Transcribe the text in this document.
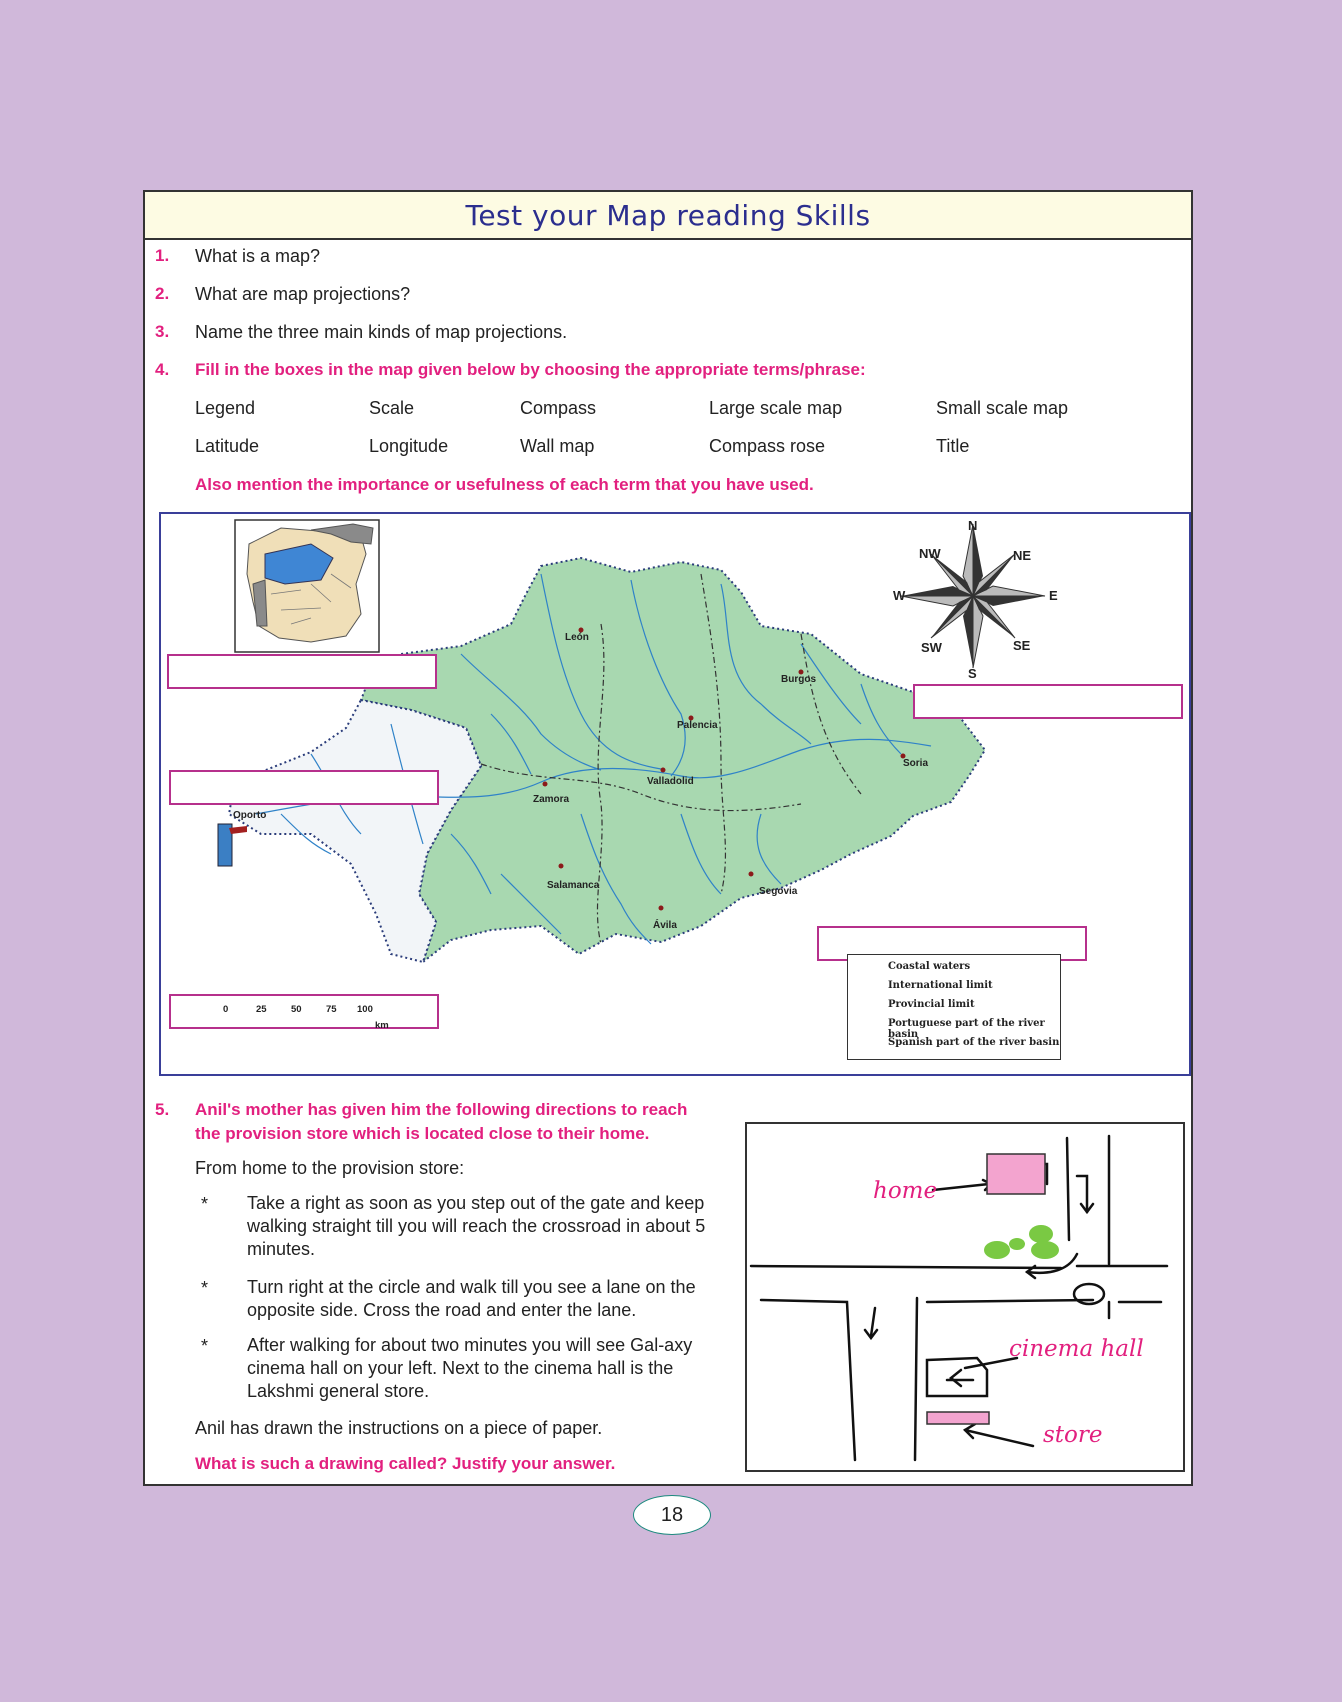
Test your Map reading Skills
1. What is a map?
2. What are map projections?
3. Name the three main kinds of map projections.
4. Fill in the boxes in the map given below by choosing the appropriate terms/phrase:
Legend	Scale	Compass	Large scale map	Small scale map
Latitude	Longitude	Wall map	Compass rose	Title
Also mention the importance or usefulness of each term that you have used.
León
Burgos
Palencia
Soria
Valladolid
Zamora
Oporto
Salamanca
Segovia
Ávila
N
NE
E
SE
S
SW
W
NW
0	25	50	75 100
km
Coastal waters
International limit
Provincial limit
Portuguese part of the river basin
Spanish part of the river basin
5. Anil's mother has given him the following directions to reach the provision store which is located close to their home.
From home to the provision store:
* Take a right as soon as you step out of the gate and keep walking straight till you will reach the crossroad in about 5 minutes.
* Turn right at the circle and walk till you see a lane on the opposite side. Cross the road and enter the lane.
* After walking for about two minutes you will see Gal-axy cinema hall on your left. Next to the cinema hall is the Lakshmi general store.
Anil has drawn the instructions on a piece of paper.
What is such a drawing called? Justify your answer.
home
cinema hall
store
18
